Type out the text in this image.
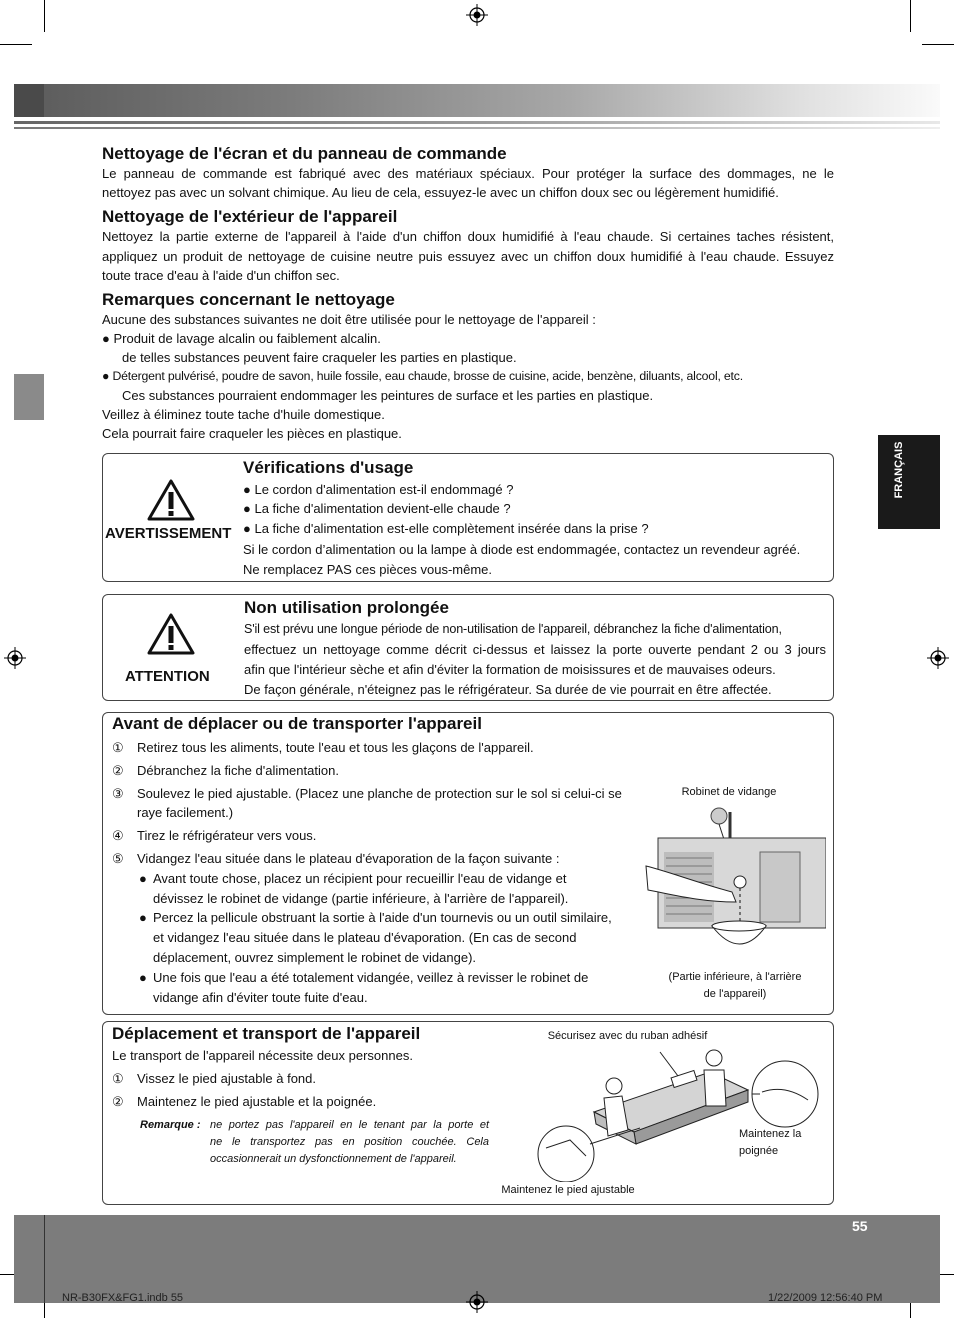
FRANÇAIS
Nettoyage de l'écran et du panneau de commande

Le panneau de commande est fabriqué avec des matériaux spéciaux. Pour protéger la surface des dommages, ne le

nettoyez pas avec un solvant chimique. Au lieu de cela, essuyez-le avec un chiffon doux sec ou légèrement humidifié.
Nettoyage de l'extérieur de l'appareil

Nettoyez la partie externe de l'appareil à l'aide d'un chiffon doux humidifié à l'eau chaude. Si certaines taches résistent,

appliquez un produit de nettoyage de cuisine neutre puis essuyez avec un chiffon doux humidifié à l'eau chaude. Essuyez

toute trace d'eau à l'aide d'un chiffon sec.
Remarques concernant le nettoyage
Aucune des substances suivantes ne doit être utilisée pour le nettoyage de l'appareil :
● Produit de lavage alcalin ou faiblement alcalin.
de telles substances peuvent faire craqueler les parties en plastique.
● Détergent pulvérisé, poudre de savon, huile fossile, eau chaude, brosse de cuisine, acide, benzène, diluants, alcool, etc.
Ces substances pourraient endommager les peintures de surface et les parties en plastique.
Veillez à éliminez toute tache d'huile domestique.
Cela pourrait faire craqueler les pièces en plastique.
AVERTISSEMENT
Vérifications d'usage
● Le cordon d'alimentation est-il endommagé ?
● La fiche d'alimentation devient-elle chaude ?
● La fiche d'alimentation est-elle complètement insérée dans la prise ?
Si le cordon d’alimentation ou la lampe à diode est endommagée, contactez un revendeur agréé.
Ne remplacez PAS ces pièces vous-même.
ATTENTION
Non utilisation prolongée
S'il est prévu une longue période de non-utilisation de l'appareil, débranchez la fiche d'alimentation,

effectuez un nettoyage comme décrit ci-dessus et laissez la porte ouverte pendant 2 ou 3 jours

afin que l'intérieur sèche et afin d'éviter la formation de moisissures et de mauvaises odeurs.
De façon générale, n'éteignez pas le réfrigérateur. Sa durée de vie pourrait en être affectée.
Avant de déplacer ou de transporter l'appareil
① Retirez tous les aliments, toute l'eau et tous les glaçons de l'appareil.
② Débranchez la fiche d'alimentation.
③ Soulevez le pied ajustable. (Placez une planche de protection sur le sol si celui-ci se
raye facilement.)
④ Tirez le réfrigérateur vers vous.
⑤ Vidangez l'eau située dans le plateau d'évaporation de la façon suivante :
● Avant toute chose, placez un récipient pour recueillir l'eau de vidange et
dévissez le robinet de vidange (partie inférieure, à l'arrière de l'appareil).
● Percez la pellicule obstruant la sortie à l'aide d'un tournevis ou un outil similaire,
et vidangez l'eau située dans le plateau d'évaporation. (En cas de second
déplacement, ouvrez simplement le robinet de vidange).
● Une fois que l'eau a été totalement vidangée, veillez à revisser le robinet de
vidange afin d'éviter toute fuite d'eau.
Robinet de vidange
(Partie inférieure, à l'arrière
de l'appareil)
Déplacement et transport de l'appareil
Le transport de l'appareil nécessite deux personnes.
① Vissez le pied ajustable à fond.
② Maintenez le pied ajustable et la poignée.
Remarque : ne portez pas l'appareil en le tenant par la porte et
ne le transportez pas en position couchée. Cela
occasionnerait un dysfonctionnement de l'appareil.
Sécurisez avec du ruban adhésif
Maintenez la
poignée
Maintenez le pied ajustable
55
NR-B30FX&FG1.indb 55	1/22/2009 12:56:40 PM
